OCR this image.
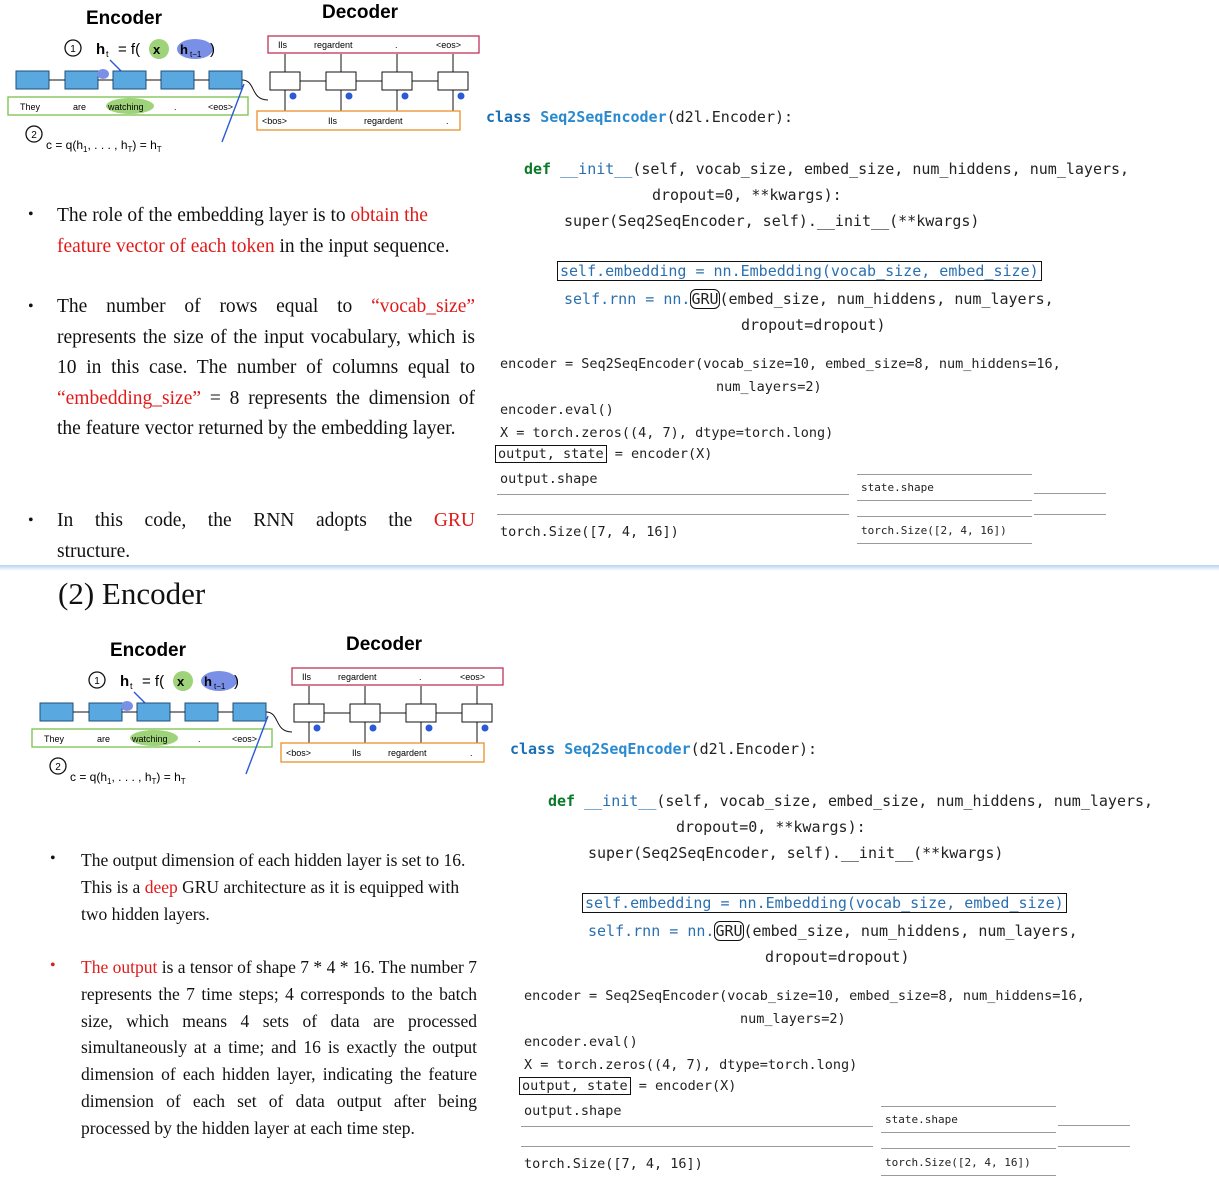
Encoder	Decoder
1 h t = f( x h t−1 )
They	are watching	.	<eos>
Ils	regardent	.	<eos>
<bos>	Ils	regardent	.
2
$c = q(h_1$, . . . , $h_T) = h_T$
• The role of the embedding layer is to obtain the feature vector of each token in the input sequence.
• The number of rows equal to “vocab_size” represents the size of the input vocabulary, which is 10 in this case. The number of columns equal to “embedding_size” = 8 represents the dimension of the feature vector returned by the embedding layer.
• In this code, the RNN adopts the GRU
structure.
class Seq2SeqEncoder(d2l.Encoder):
def __init__(self, vocab_size, embed_size, num_hiddens, num_layers,
dropout=0, **kwargs):
super(Seq2SeqEncoder, self).__init__(**kwargs)
self.embedding = nn.Embedding(vocab_size, embed_size)
self.rnn = nn.GRU(embed_size, num_hiddens, num_layers,
dropout=dropout)
encoder = Seq2SeqEncoder(vocab_size=10, embed_size=8, num_hiddens=16,
num_layers=2)
encoder.eval()
X = torch.zeros((4, 7), dtype=torch.long)
output, state = encoder(X)
output.shape
torch.Size([7, 4, 16])
state.shape
torch.Size([2, 4, 16])
(2) Encoder
Encoder	Decoder
1 h t = f( x h t−1 )
They	are watching	.	<eos>
Ils	regardent	.	<eos>
<bos>	Ils	regardent	.
2
$c = q(h_1$, . . . , $h_T) = h_T$
• The output dimension of each hidden layer is set to 16. This is a deep GRU architecture as it is equipped with two hidden layers.
• The output is a tensor of shape 7 * 4 * 16. The number 7 represents the 7 time steps; 4 corresponds to the batch size, which means 4 sets of data are processed simultaneously at a time; and 16 is exactly the output dimension of each hidden layer, indicating the feature dimension of each set of data output after being processed by the hidden layer at each time step.
class Seq2SeqEncoder(d2l.Encoder):
def __init__(self, vocab_size, embed_size, num_hiddens, num_layers,
dropout=0, **kwargs):
super(Seq2SeqEncoder, self).__init__(**kwargs)
self.embedding = nn.Embedding(vocab_size, embed_size)
self.rnn = nn.GRU(embed_size, num_hiddens, num_layers,
dropout=dropout)
encoder = Seq2SeqEncoder(vocab_size=10, embed_size=8, num_hiddens=16,
num_layers=2)
encoder.eval()
X = torch.zeros((4, 7), dtype=torch.long)
output, state = encoder(X)
output.shape
torch.Size([7, 4, 16])
state.shape
torch.Size([2, 4, 16])
